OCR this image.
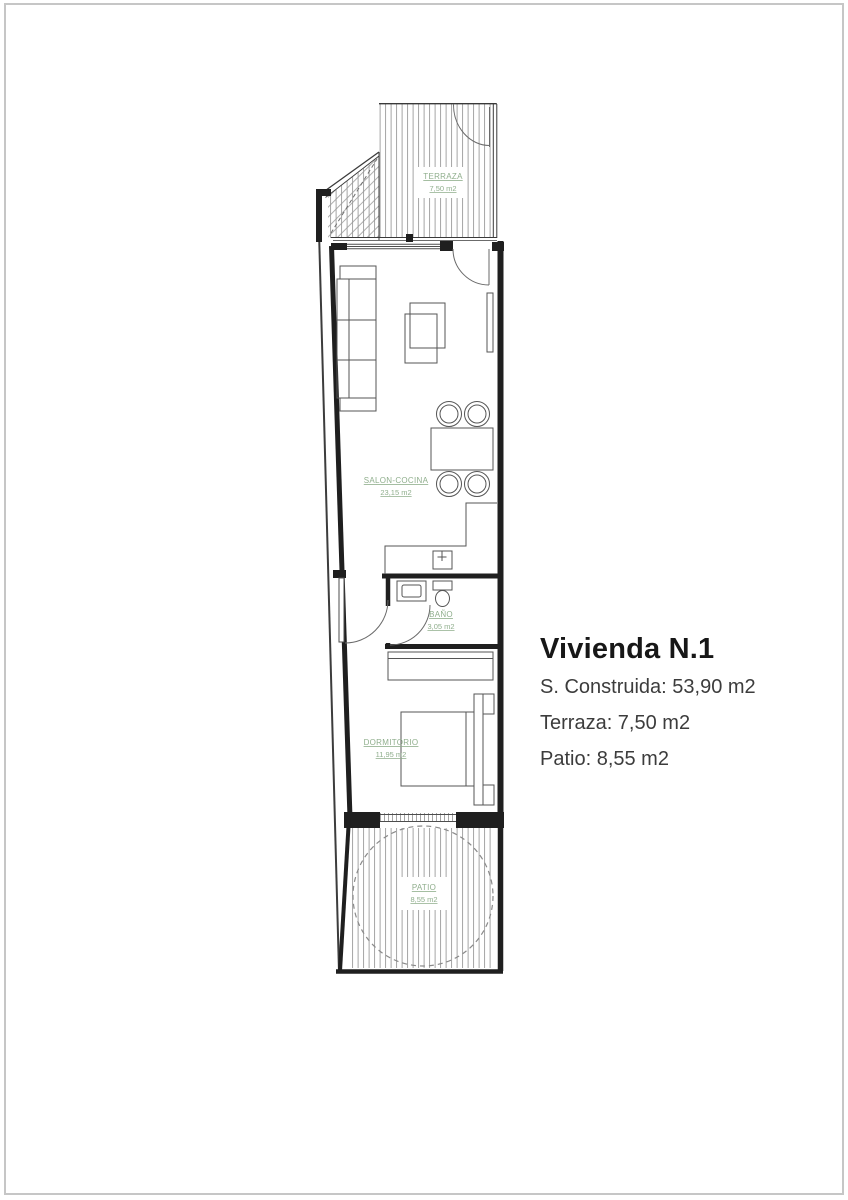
TERRAZA
7,50 m2
SALON-COCINA
23,15 m2
BAÑO
3,05 m2
DORMITORIO
11,95 m2
PATIO
8,55 m2

Vivienda N.1

S. Construida: 53,90 m2

Terraza: 7,50 m2

Patio: 8,55 m2
